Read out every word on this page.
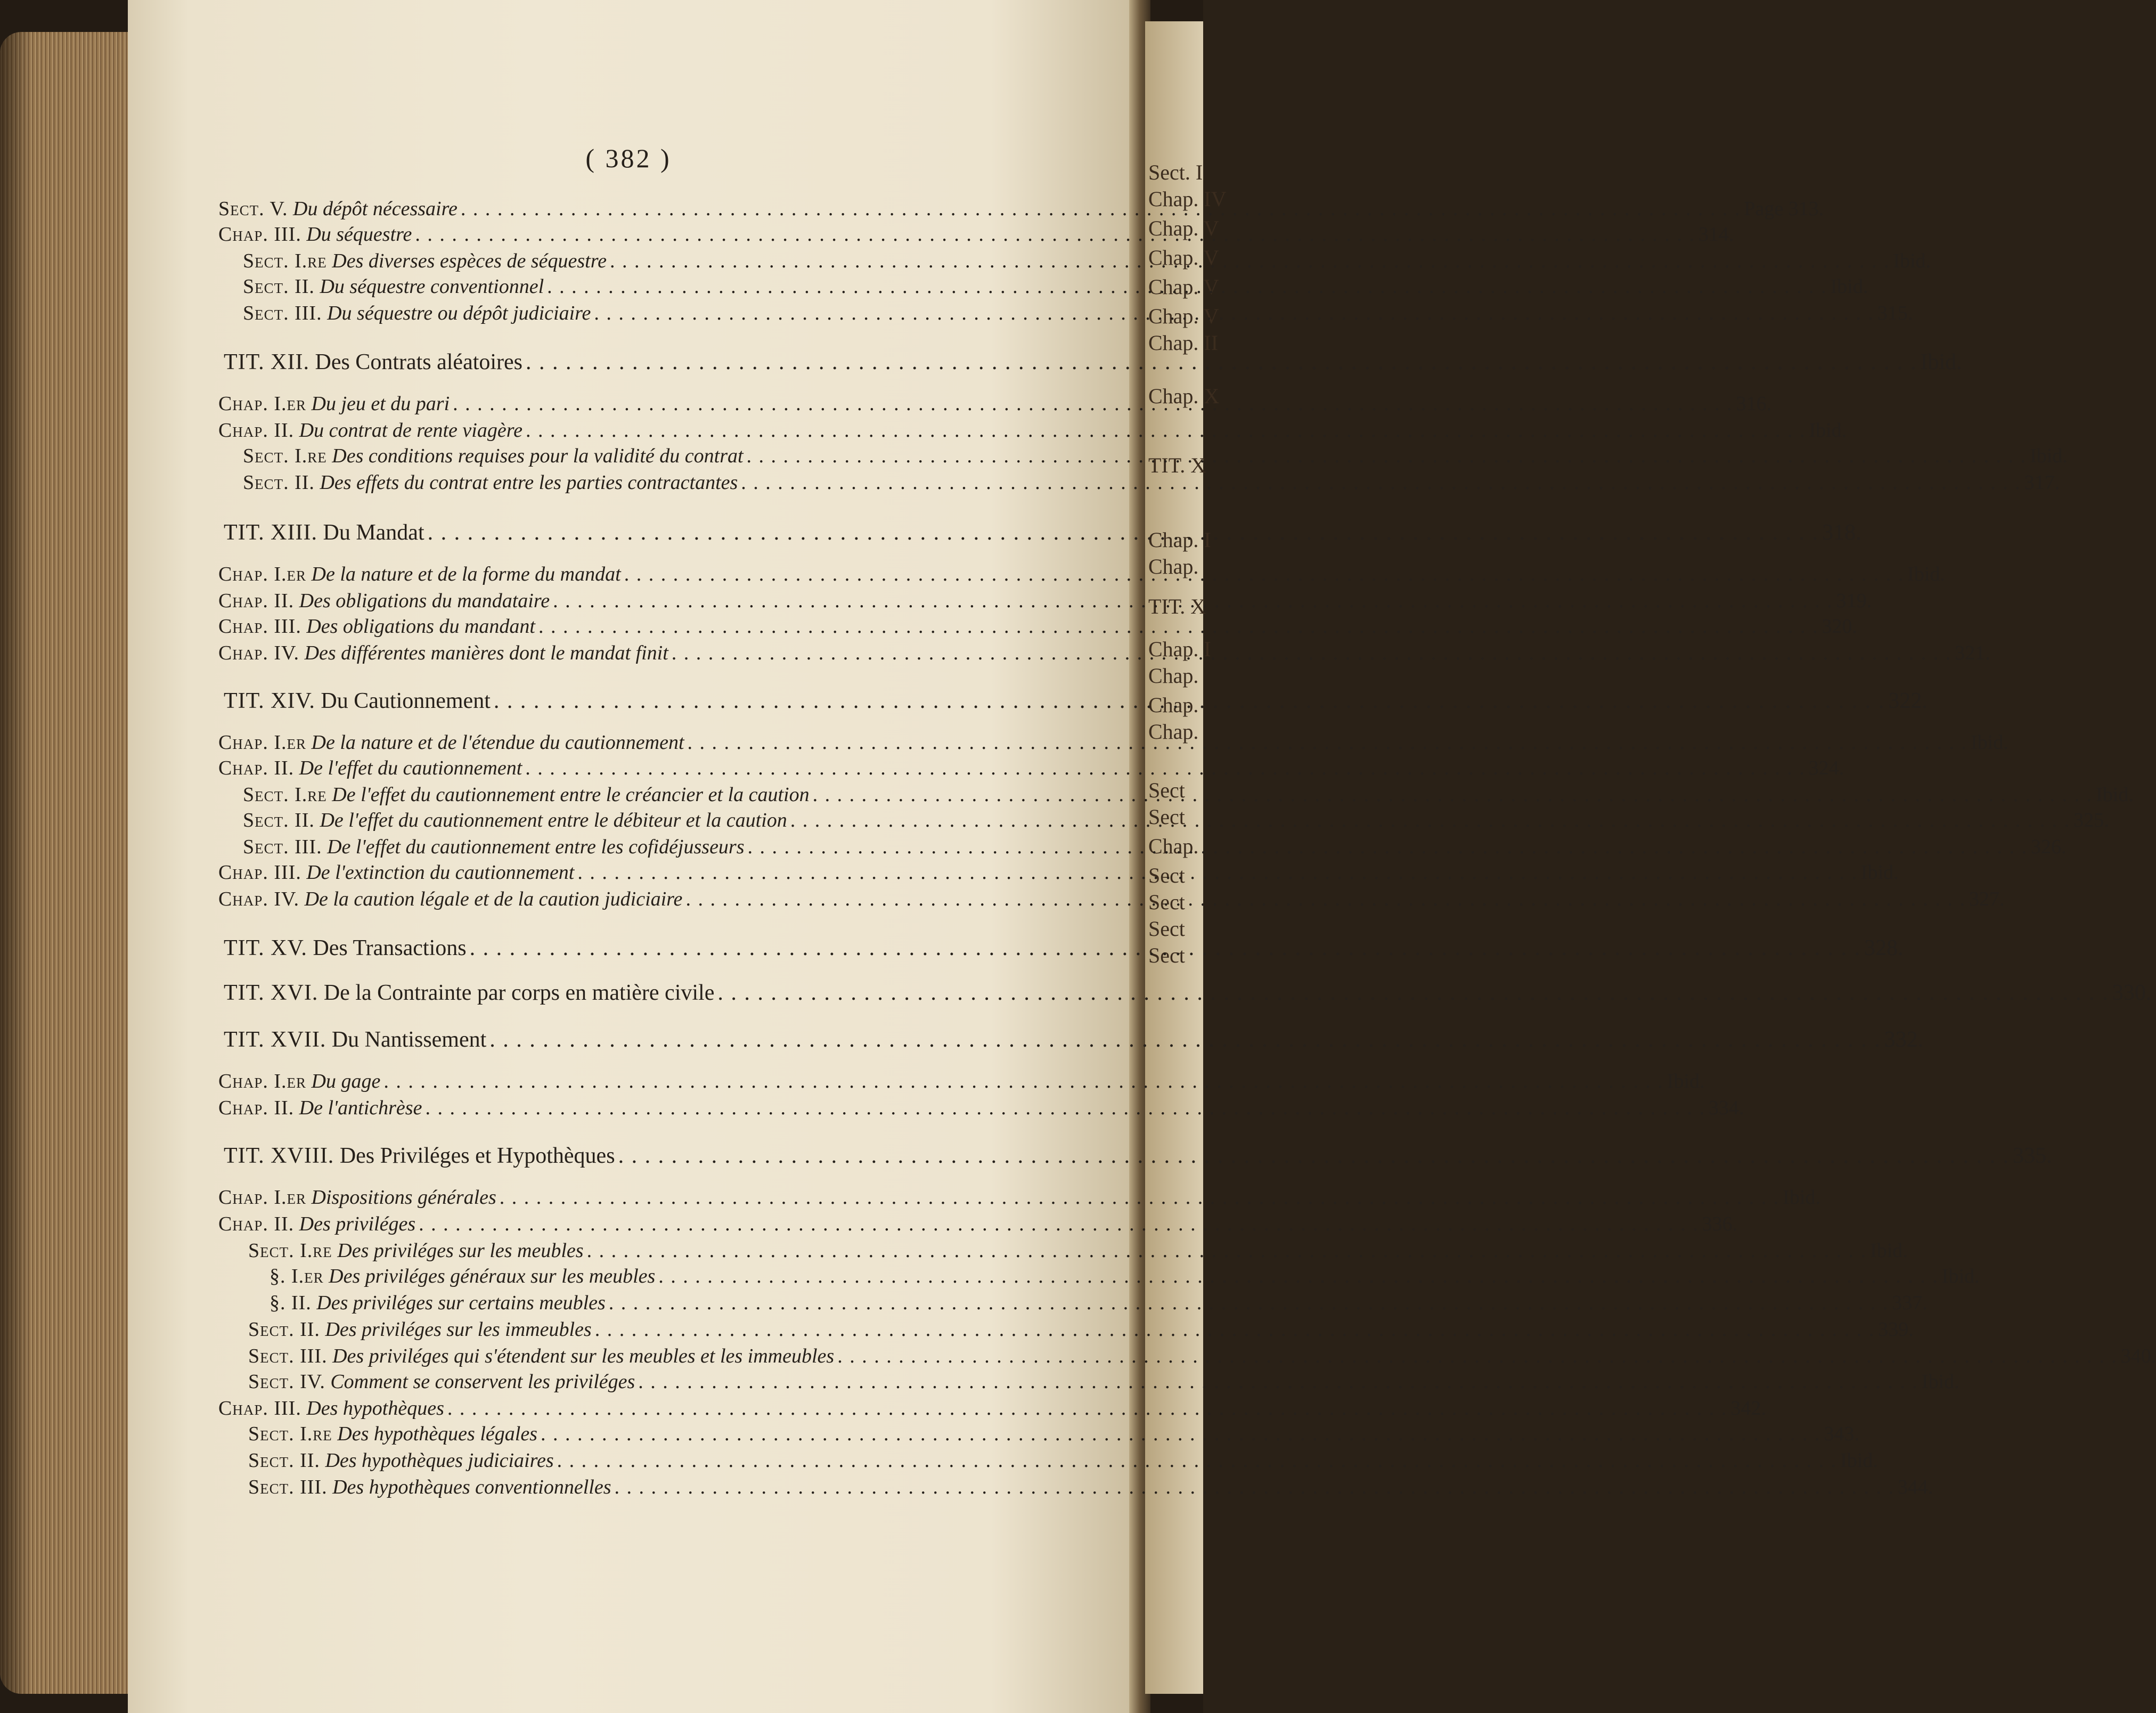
Sect. I
Chap. IV
Chap. V
Chap. V
Chap. V
Chap. V
Chap. II
Chap. X
TIT. X
Chap. I
Chap.
TIT. X
Chap. I
Chap.
Chap.
Chap.
Sect
Sect
Chap.
Sect
Sect
Sect
Sect
( 382 )
Sect. V. Du dépôt nécessaire . . .	Page 313.
Chap. III. Du séquestre . . .	314.
Sect. I.re Des diverses espèces de séquestre . . .	Ibid.
Sect. II. Du séquestre conventionnel . . .	Ibid.
Sect. III. Du séquestre ou dépôt judiciaire . . .	315.
TIT. XII. Des Contrats aléatoires . . .	Ibid.
Chap. I.er Du jeu et du pari . . .	316.
Chap. II. Du contrat de rente viagère . . .	Ibid.
Sect. I.re Des conditions requises pour la validité du contrat . . .	Ibid.
Sect. II. Des effets du contrat entre les parties contractantes . . .	317.
TIT. XIII. Du Mandat . . .	318.
Chap. I.er De la nature et de la forme du mandat . . .	Ibid.
Chap. II. Des obligations du mandataire . . .	319.
Chap. III. Des obligations du mandant . . .	320.
Chap. IV. Des différentes manières dont le mandat finit . . .	321.
TIT. XIV. Du Cautionnement . . .	322.
Chap. I.er De la nature et de l'étendue du cautionnement . . .	Ibid.
Chap. II. De l'effet du cautionnement . . .	324.
Sect. I.re De l'effet du cautionnement entre le créancier et la caution . . .	Ibid.
Sect. II. De l'effet du cautionnement entre le débiteur et la caution . . .	325.
Sect. III. De l'effet du cautionnement entre les cofidéjusseurs . . .	326.
Chap. III. De l'extinction du cautionnement . . .	Ibid.
Chap. IV. De la caution légale et de la caution judiciaire . . .	327.
TIT. XV. Des Transactions . . .	328.
TIT. XVI. De la Contrainte par corps en matière civile . . .	330.
TIT. XVII. Du Nantissement . . .	332.
Chap. I.er Du gage . . .	Ibid.
Chap. II. De l'antichrèse . . .	334.
TIT. XVIII. Des Priviléges et Hypothèques . . .	335.
Chap. I.er Dispositions générales . . .	Ibid.
Chap. II. Des priviléges . . .	336.
Sect. I.re Des priviléges sur les meubles . . .	Ibid.
§. I.er Des priviléges généraux sur les meubles . . .	Ibid.
§. II. Des priviléges sur certains meubles . . .	337.
Sect. II. Des priviléges sur les immeubles . . .	339.
Sect. III. Des priviléges qui s'étendent sur les meubles et les immeubles . . .	340.
Sect. IV. Comment se conservent les priviléges . . .	Ibid.
Chap. III. Des hypothèques . . .	342.
Sect. I.re Des hypothèques légales . . .	343.
Sect. II. Des hypothèques judiciaires . . .	Ibid.
Sect. III. Des hypothèques conventionnelles . . .	344.
